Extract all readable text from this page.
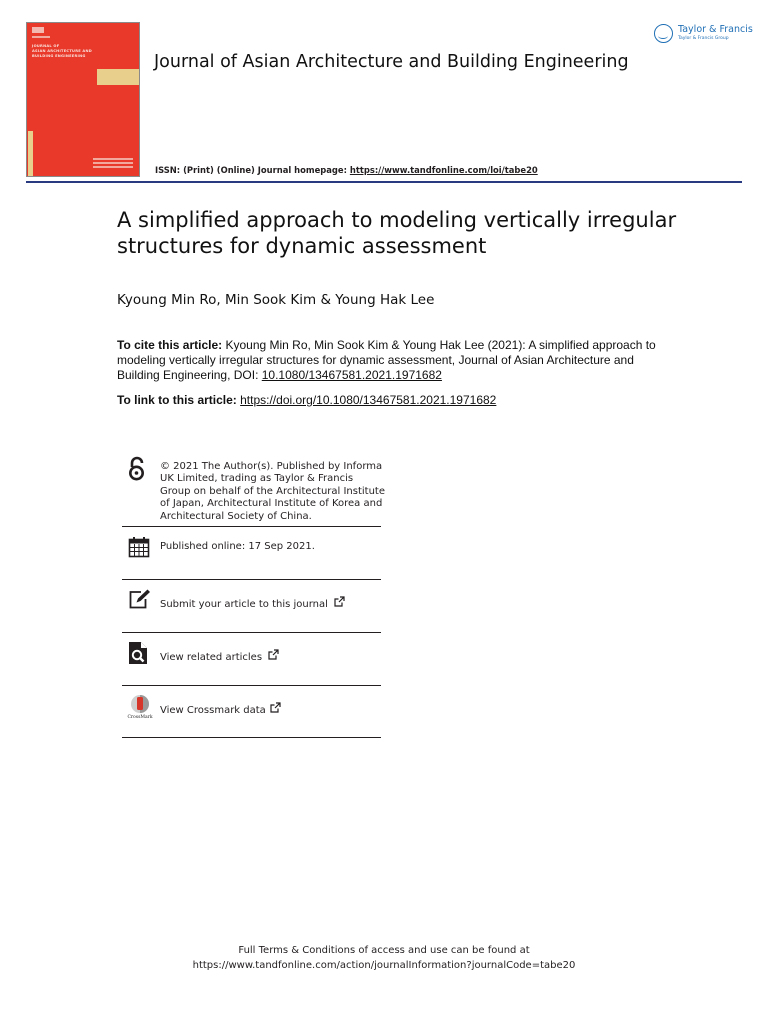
JOURNAL OF
ASIAN ARCHITECTURE AND
BUILDING ENGINEERING	Journal of Asian Architecture and Building Engineering
ISSN: (Print) (Online) Journal homepage: https://www.tandfonline.com/loi/tabe20
Taylor & Francis
Taylor & Francis Group
A simplified approach to modeling vertically irregular structures for dynamic assessment
Kyoung Min Ro, Min Sook Kim & Young Hak Lee
To cite this article: Kyoung Min Ro, Min Sook Kim & Young Hak Lee (2021): A simplified approach to modeling vertically irregular structures for dynamic assessment, Journal of Asian Architecture and Building Engineering, DOI: 10.1080/13467581.2021.1971682
To link to this article: https://doi.org/10.1080/13467581.2021.1971682
© 2021 The Author(s). Published by Informa UK Limited, trading as Taylor & Francis Group on behalf of the Architectural Institute of Japan, Architectural Institute of Korea and Architectural Society of China.
Published online: 17 Sep 2021.
Submit your article to this journal
View related articles
CrossMark
View Crossmark data
Full Terms & Conditions of access and use can be found at
https://www.tandfonline.com/action/journalInformation?journalCode=tabe20
